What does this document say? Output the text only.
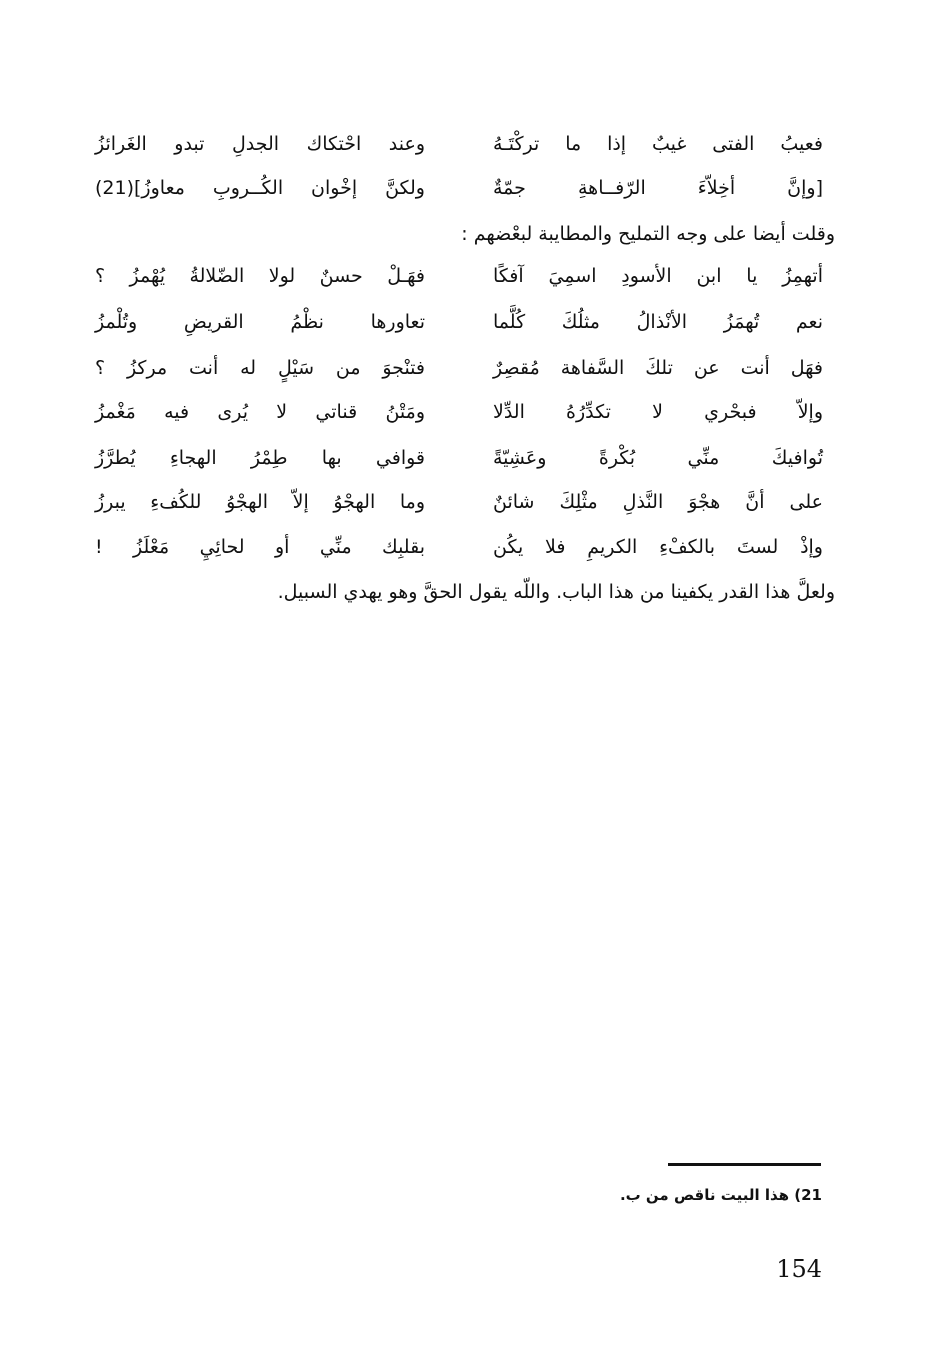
فعيبُ الفتى غيبٌ إذا ما تركْتَـهُ
وعند احْتكاك الجدلِ تبدو الغَرائزُ
[وإنَّ أخِلاّءَ الرّفــاهةِ جمّةٌ
ولكنَّ إخْوان الكُــروبِ معاوزُ](21)
وقلت أيضا على وجه التمليح والمطايبة لبعْضهم :
أتهمِزُ يا ابن الأسودِ اسمِيَ آفكًا
فهَـلْ حسنٌ لولا الضّلالةُ يُهْمزُ ؟
نعم تُهمَزُ الأنْذالُ مثلُكَ كُلَّما
تعاورها نظْمُ القريضِ وتُلْمزُ
فهَل أنت عن تلكَ السَّفاهة مُقصِرٌ
فتنْجوَ من سَيْلٍ له أنت مركزُ ؟
وإلاّ فبحْري لا تكدِّرُهُ الدِّلا
ومَتْنُ قناتي لا يُرى فيه مَغْمزُ
تُوافيكَ منِّي بُكْرةً وعَشِيّةً
قوافي بها طِمْرُ الهجاءِ يُطرَّزُ
على أنَّ هجْوَ النَّذلِ مثْلِكَ شائنٌ
وما الهجْوُ إلاّ الهجْوُ للكُفءِ يبرزُ
وإذْ لستَ بالكفْءِ الكريمِ فلا يكُن
بقلبِك منِّي أو لحائِيِ مَعْلَزُ !
ولعلَّ هذا القدر يكفينا من هذا الباب. واللّه يقول الحقَّ وهو يهدي السبيل.
21) هذا البيت ناقص من ب.
154
